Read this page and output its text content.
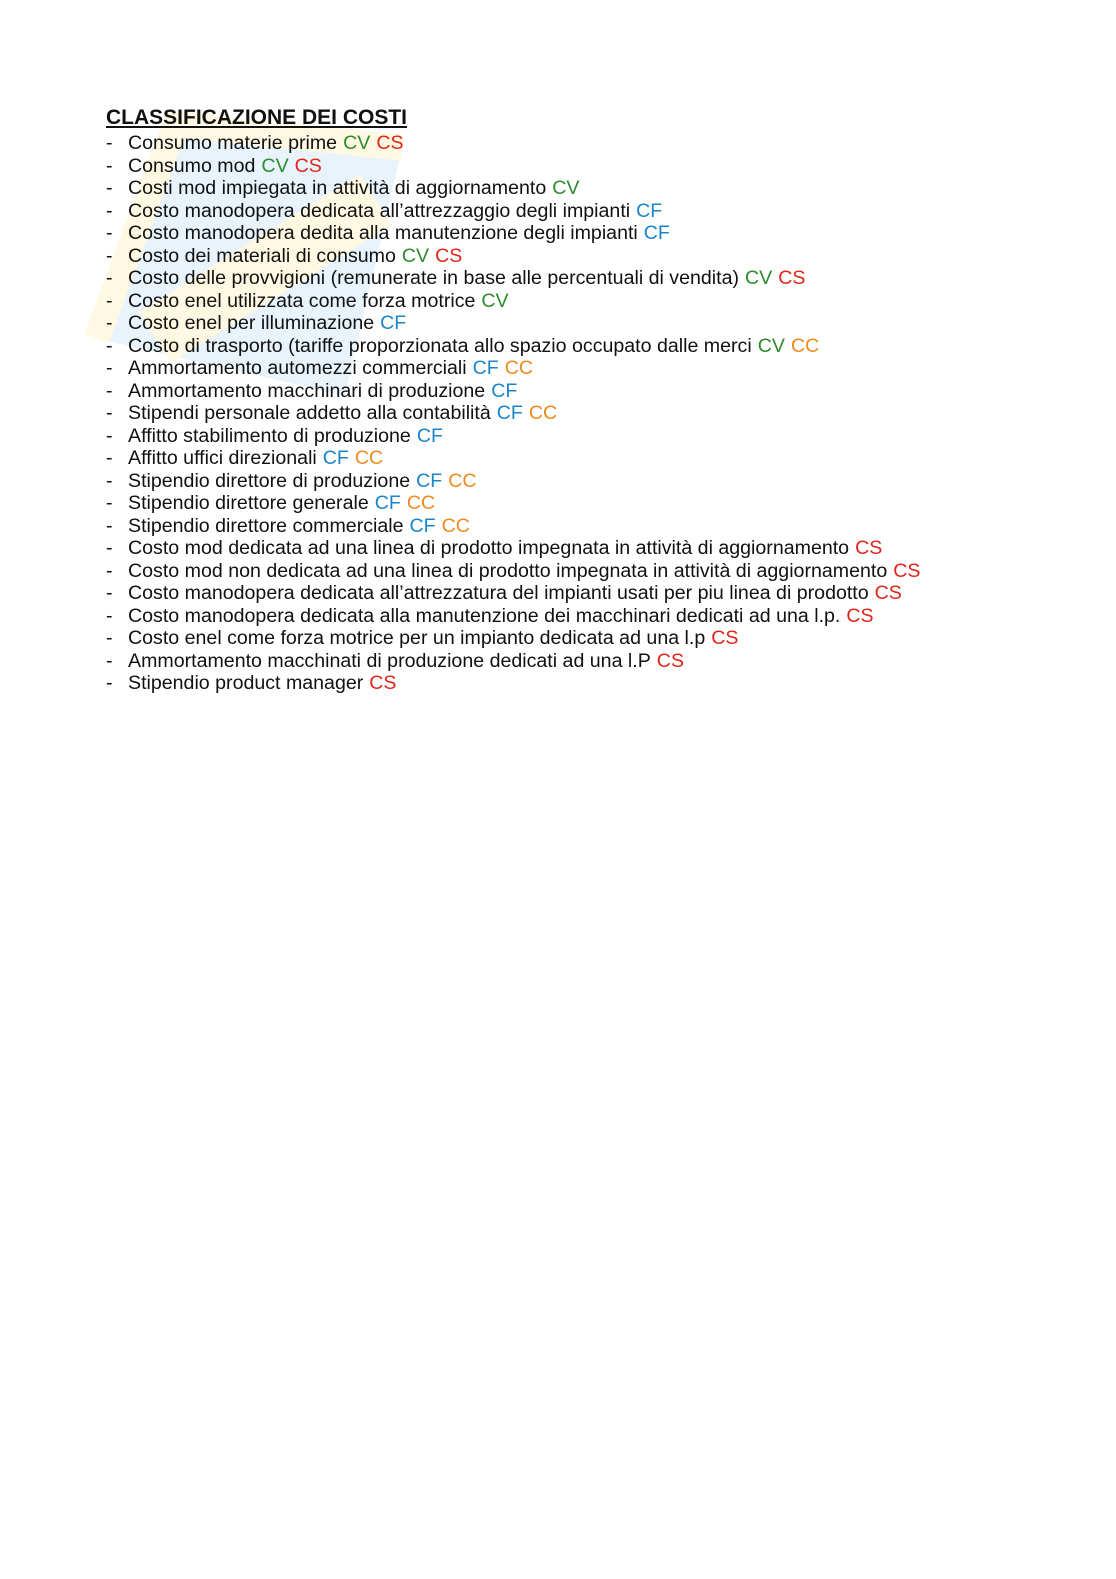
CLASSIFICAZIONE DEI COSTI
- Consumo materie prime CV CS
- Consumo mod CV CS
- Costi mod impiegata in attività di aggiornamento CV
- Costo manodopera dedicata all’attrezzaggio degli impianti CF
- Costo manodopera dedita alla manutenzione degli impianti CF
- Costo dei materiali di consumo CV CS
- Costo delle provvigioni (remunerate in base alle percentuali di vendita) CV CS
- Costo enel utilizzata come forza motrice CV
- Costo enel per illuminazione CF
- Costo di trasporto (tariffe proporzionata allo spazio occupato dalle merci CV CC
- Ammortamento automezzi commerciali CF CC
- Ammortamento macchinari di produzione CF
- Stipendi personale addetto alla contabilità CF CC
- Affitto stabilimento di produzione CF
- Affitto uffici direzionali CF CC
- Stipendio direttore di produzione CF CC
- Stipendio direttore generale CF CC
- Stipendio direttore commerciale CF CC
- Costo mod dedicata ad una linea di prodotto impegnata in attività di aggiornamento CS
- Costo mod non dedicata ad una linea di prodotto impegnata in attività di aggiornamento CS
- Costo manodopera dedicata all’attrezzatura del impianti usati per piu linea di prodotto CS
- Costo manodopera dedicata alla manutenzione dei macchinari dedicati ad una l.p. CS
- Costo enel come forza motrice per un impianto dedicata ad una l.p CS
- Ammortamento macchinati di produzione dedicati ad una l.P CS
- Stipendio product manager CS
